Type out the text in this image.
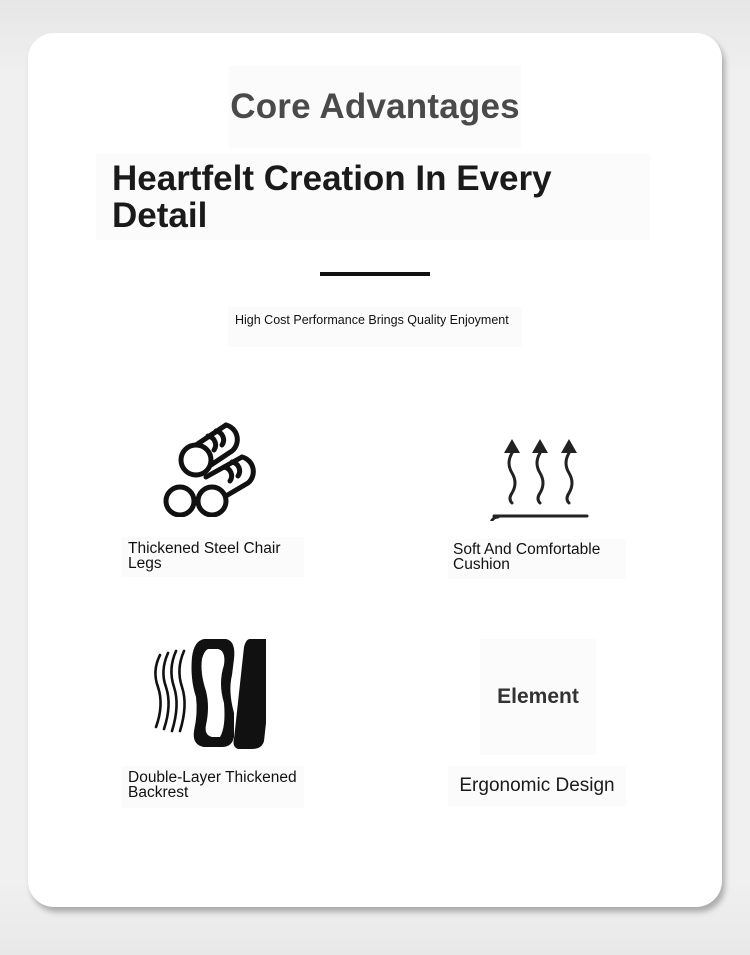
Core Advantages
Heartfelt Creation In Every Detail
High Cost Performance Brings Quality Enjoyment
Thickened Steel Chair Legs
Soft And Comfortable Cushion
Double-Layer Thickened Backrest
Element
Ergonomic Design
